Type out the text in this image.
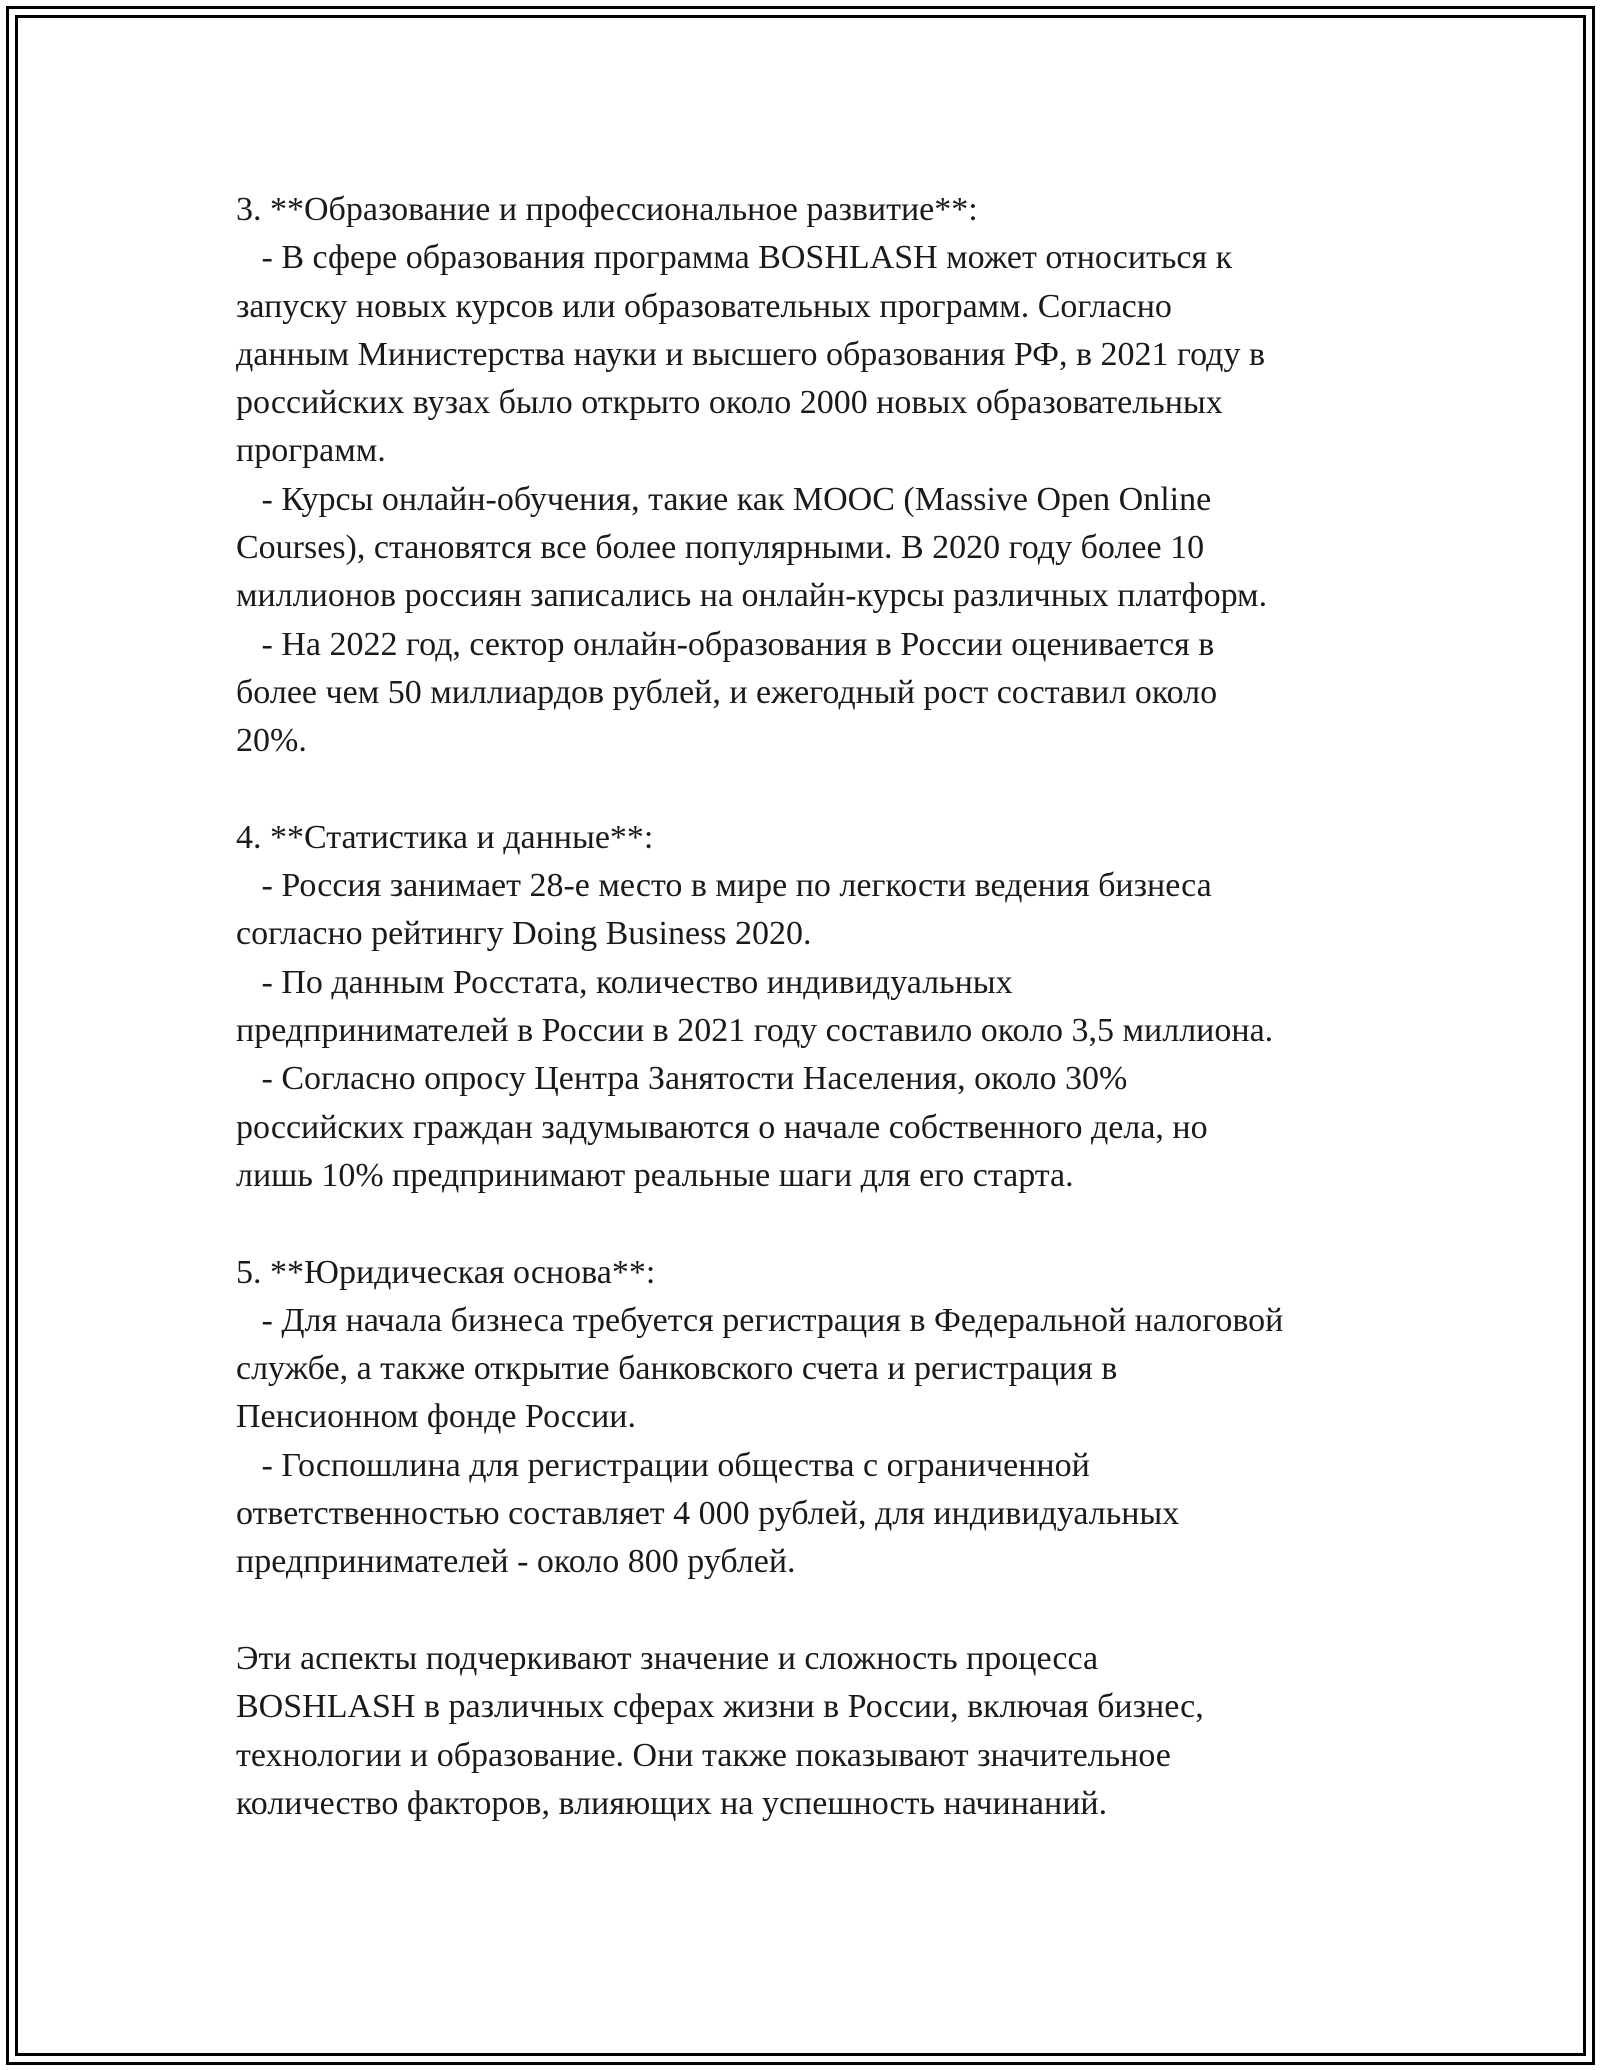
3. **Образование и профессиональное развитие**:
- В сфере образования программа BOSHLASH может относиться к
запуску новых курсов или образовательных программ. Согласно
данным Министерства науки и высшего образования РФ, в 2021 году в
российских вузах было открыто около 2000 новых образовательных
программ.
- Курсы онлайн-обучения, такие как MOOC (Massive Open Online
Courses), становятся все более популярными. В 2020 году более 10
миллионов россиян записались на онлайн-курсы различных платформ.
- На 2022 год, сектор онлайн-образования в России оценивается в
более чем 50 миллиардов рублей, и ежегодный рост составил около
20%.
4. **Статистика и данные**:
- Россия занимает 28-е место в мире по легкости ведения бизнеса
согласно рейтингу Doing Business 2020.
- По данным Росстата, количество индивидуальных
предпринимателей в России в 2021 году составило около 3,5 миллиона.
- Согласно опросу Центра Занятости Населения, около 30%
российских граждан задумываются о начале собственного дела, но
лишь 10% предпринимают реальные шаги для его старта.
5. **Юридическая основа**:
- Для начала бизнеса требуется регистрация в Федеральной налоговой
службе, а также открытие банковского счета и регистрация в
Пенсионном фонде России.
- Госпошлина для регистрации общества с ограниченной
ответственностью составляет 4 000 рублей, для индивидуальных
предпринимателей - около 800 рублей.
Эти аспекты подчеркивают значение и сложность процесса
BOSHLASH в различных сферах жизни в России, включая бизнес,
технологии и образование. Они также показывают значительное
количество факторов, влияющих на успешность начинаний.
